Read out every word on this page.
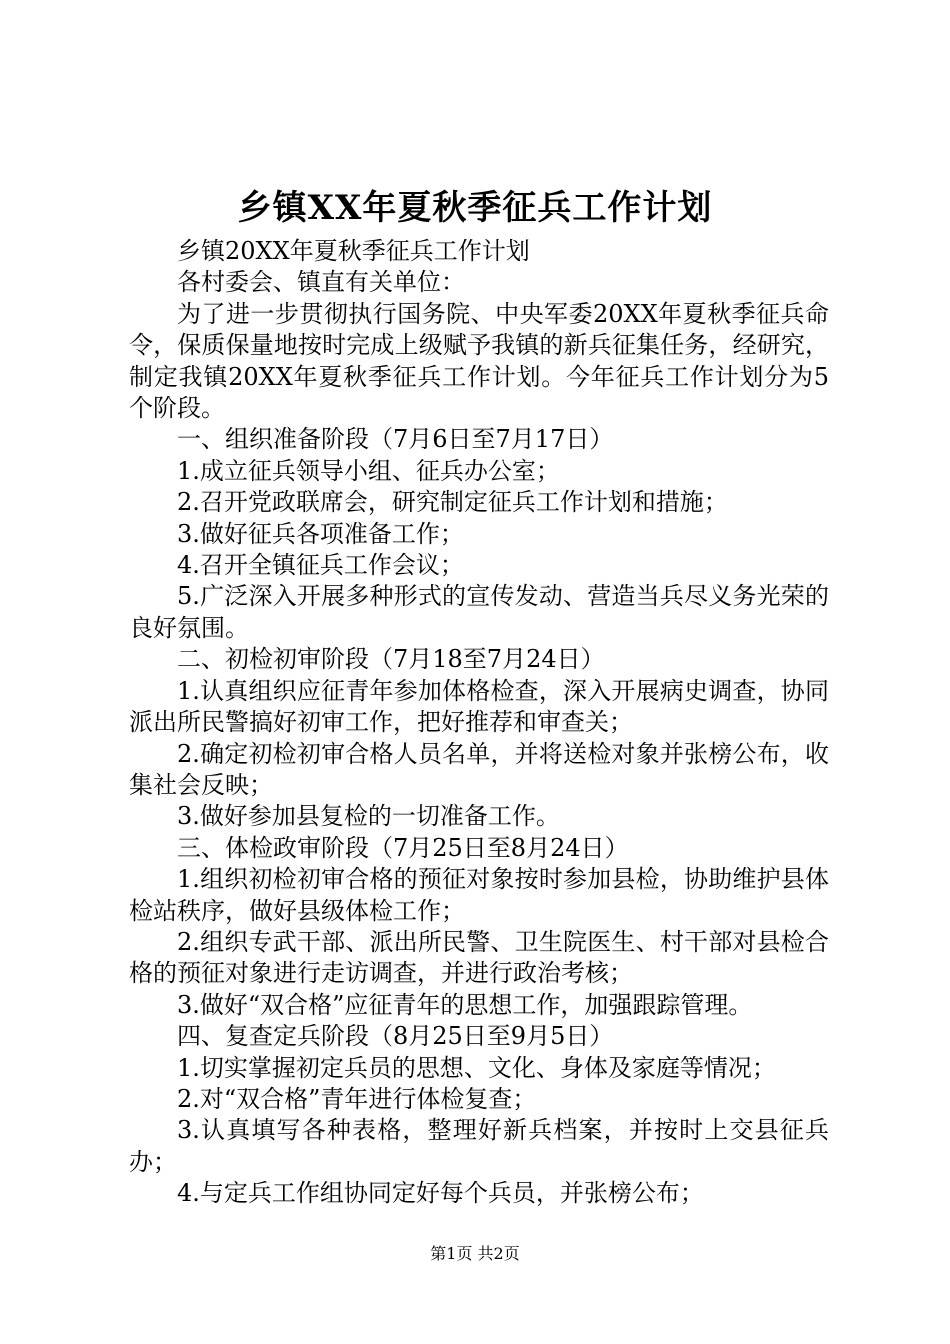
乡镇XX年夏秋季征兵工作计划

乡镇20XX年夏秋季征兵工作计划

各村委会、镇直有关单位：

为了进一步贯彻执行国务院、中央军委20XX年夏秋季征兵命令，保质保量地按时完成上级赋予我镇的新兵征集任务，经研究，制定我镇20XX年夏秋季征兵工作计划。今年征兵工作计划分为5个阶段。

一、组织准备阶段（7月6日至7月17日）

1.成立征兵领导小组、征兵办公室；

2.召开党政联席会，研究制定征兵工作计划和措施；

3.做好征兵各项准备工作；

4.召开全镇征兵工作会议；

5.广泛深入开展多种形式的宣传发动、营造当兵尽义务光荣的良好氛围。

二、初检初审阶段（7月18至7月24日）

1.认真组织应征青年参加体格检查，深入开展病史调查，协同派出所民警搞好初审工作，把好推荐和审查关；

2.确定初检初审合格人员名单，并将送检对象并张榜公布，收集社会反映；

3.做好参加县复检的一切准备工作。

三、体检政审阶段（7月25日至8月24日）

1.组织初检初审合格的预征对象按时参加县检，协助维护县体检站秩序，做好县级体检工作；

2.组织专武干部、派出所民警、卫生院医生、村干部对县检合格的预征对象进行走访调查，并进行政治考核；

3.做好“双合格”应征青年的思想工作，加强跟踪管理。

四、复查定兵阶段（8月25日至9月5日）

1.切实掌握初定兵员的思想、文化、身体及家庭等情况；

2.对“双合格”青年进行体检复查；

3.认真填写各种表格，整理好新兵档案，并按时上交县征兵办；

4.与定兵工作组协同定好每个兵员，并张榜公布；

第1页 共2页
